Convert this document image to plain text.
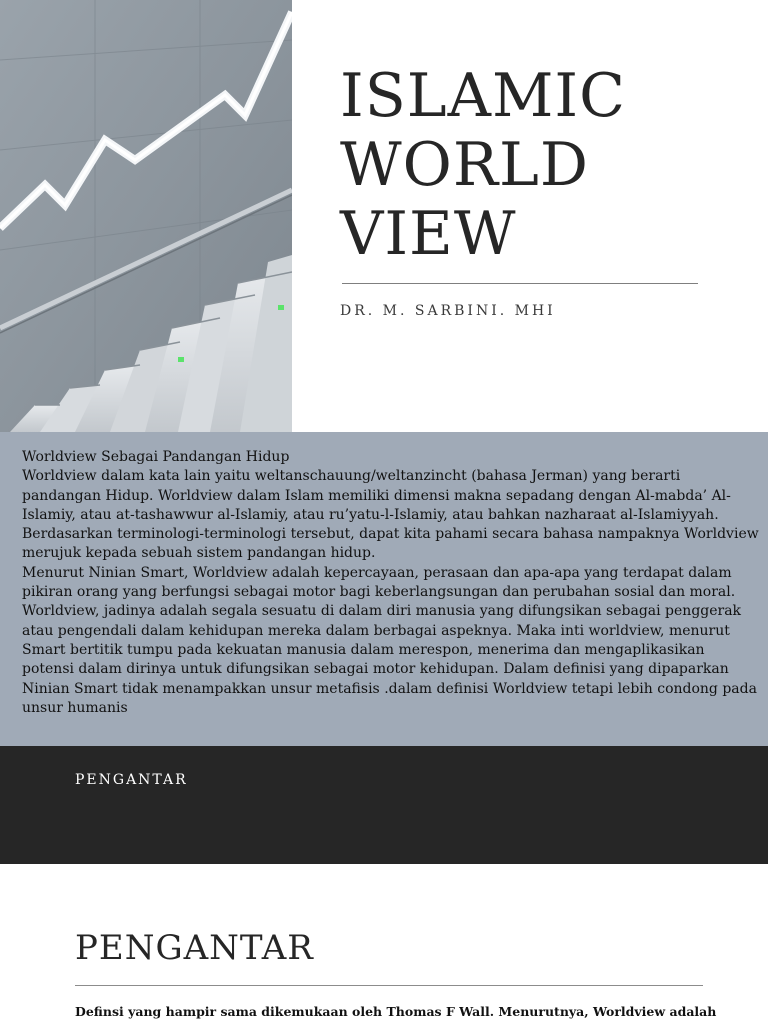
ISLAMIC
WORLD
VIEW

DR. M. SARBINI. MHI

Worldview Sebagai Pandangan Hidup

Worldview dalam kata lain yaitu weltanschauung/weltanzincht (bahasa Jerman) yang berarti pandangan Hidup. Worldview dalam Islam memiliki dimensi makna sepadang dengan Al-mabda’ Al-Islamiy, atau at-tashawwur al-Islamiy, atau ru’yatu-l-Islamiy, atau bahkan nazharaat al-Islamiyyah. Berdasarkan terminologi-terminologi tersebut, dapat kita pahami secara bahasa nampaknya Worldview merujuk kepada sebuah sistem pandangan hidup.

Menurut Ninian Smart, Worldview adalah kepercayaan, perasaan dan apa-apa yang terdapat dalam pikiran orang yang berfungsi sebagai motor bagi keberlangsungan dan perubahan sosial dan moral. Worldview, jadinya adalah segala sesuatu di dalam diri manusia yang difungsikan sebagai penggerak atau pengendali dalam kehidupan mereka dalam berbagai aspeknya. Maka inti worldview, menurut Smart bertitik tumpu pada kekuatan manusia dalam merespon, menerima dan mengaplikasikan potensi dalam dirinya untuk difungsikan sebagai motor kehidupan. Dalam definisi yang dipaparkan Ninian Smart tidak menampakkan unsur metafisis .dalam definisi Worldview tetapi lebih condong pada unsur humanis

PENGANTAR

PENGANTAR

Definsi yang hampir sama dikemukaan oleh Thomas F Wall. Menurutnya, Worldview adalah
